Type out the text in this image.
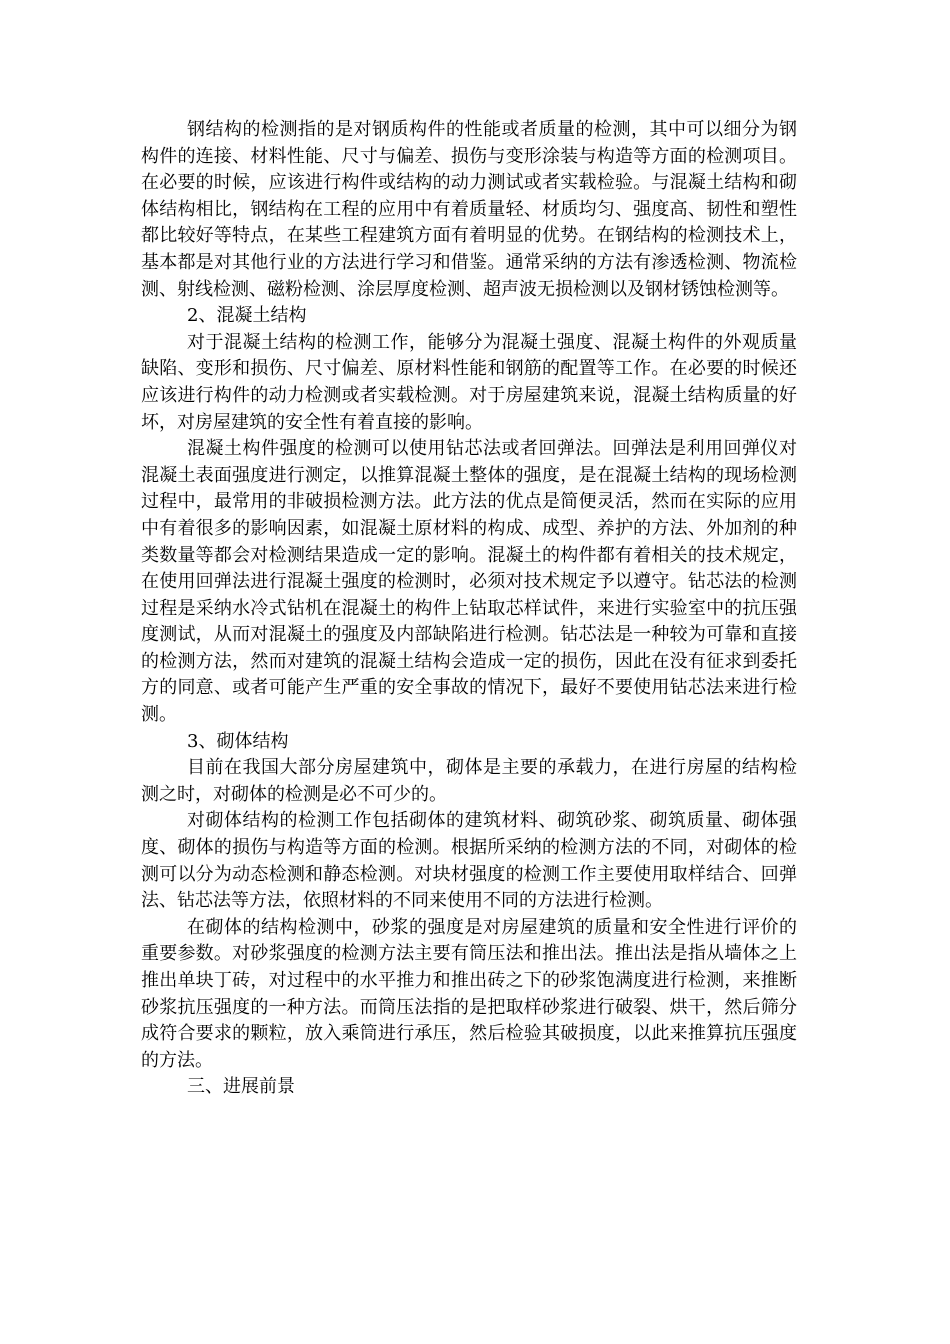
钢结构的检测指的是对钢质构件的性能或者质量的检测，其中可以细分为钢构件的连接、材料性能、尺寸与偏差、损伤与变形涂装与构造等方面的检测项目。在必要的时候，应该进行构件或结构的动力测试或者实载检验。与混凝土结构和砌体结构相比，钢结构在工程的应用中有着质量轻、材质均匀、强度高、韧性和塑性都比较好等特点，在某些工程建筑方面有着明显的优势。在钢结构的检测技术上，基本都是对其他行业的方法进行学习和借鉴。通常采纳的方法有渗透检测、物流检测、射线检测、磁粉检测、涂层厚度检测、超声波无损检测以及钢材锈蚀检测等。

2、混凝土结构

对于混凝土结构的检测工作，能够分为混凝土强度、混凝土构件的外观质量缺陷、变形和损伤、尺寸偏差、原材料性能和钢筋的配置等工作。在必要的时候还应该进行构件的动力检测或者实载检测。对于房屋建筑来说，混凝土结构质量的好坏，对房屋建筑的安全性有着直接的影响。

混凝土构件强度的检测可以使用钻芯法或者回弹法。回弹法是利用回弹仪对混凝土表面强度进行测定，以推算混凝土整体的强度，是在混凝土结构的现场检测过程中，最常用的非破损检测方法。此方法的优点是简便灵活，然而在实际的应用中有着很多的影响因素，如混凝土原材料的构成、成型、养护的方法、外加剂的种类数量等都会对检测结果造成一定的影响。混凝土的构件都有着相关的技术规定，在使用回弹法进行混凝土强度的检测时，必须对技术规定予以遵守。钻芯法的检测过程是采纳水冷式钻机在混凝土的构件上钻取芯样试件，来进行实验室中的抗压强度测试，从而对混凝土的强度及内部缺陷进行检测。钻芯法是一种较为可靠和直接的检测方法，然而对建筑的混凝土结构会造成一定的损伤，因此在没有征求到委托方的同意、或者可能产生严重的安全事故的情况下，最好不要使用钻芯法来进行检测。

3、砌体结构

目前在我国大部分房屋建筑中，砌体是主要的承载力，在进行房屋的结构检测之时，对砌体的检测是必不可少的。

对砌体结构的检测工作包括砌体的建筑材料、砌筑砂浆、砌筑质量、砌体强度、砌体的损伤与构造等方面的检测。根据所采纳的检测方法的不同，对砌体的检测可以分为动态检测和静态检测。对块材强度的检测工作主要使用取样结合、回弹法、钻芯法等方法，依照材料的不同来使用不同的方法进行检测。

在砌体的结构检测中，砂浆的强度是对房屋建筑的质量和安全性进行评价的重要参数。对砂浆强度的检测方法主要有筒压法和推出法。推出法是指从墙体之上推出单块丁砖，对过程中的水平推力和推出砖之下的砂浆饱满度进行检测，来推断砂浆抗压强度的一种方法。而筒压法指的是把取样砂浆进行破裂、烘干，然后筛分成符合要求的颗粒，放入乘筒进行承压，然后检验其破损度，以此来推算抗压强度的方法。

三、进展前景
